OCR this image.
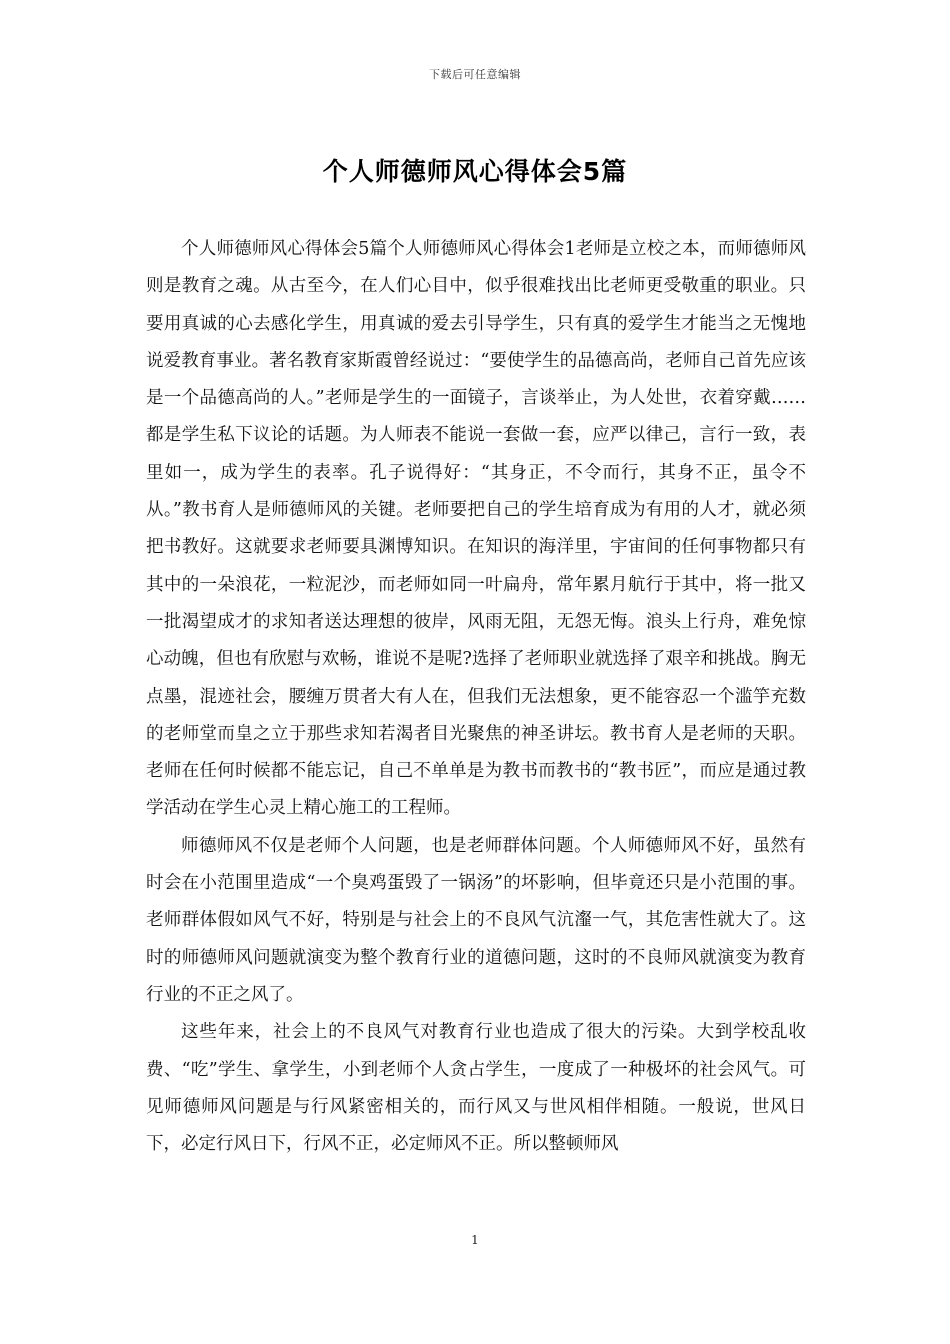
下载后可任意编辑
个人师德师风心得体会5篇

个人师德师风心得体会5篇个人师德师风心得体会1老师是立校之本，而师德师风则是教育之魂。从古至今，在人们心目中，似乎很难找出比老师更受敬重的职业。只要用真诚的心去感化学生，用真诚的爱去引导学生，只有真的爱学生才能当之无愧地说爱教育事业。著名教育家斯霞曾经说过：“要使学生的品德高尚，老师自己首先应该是一个品德高尚的人。”老师是学生的一面镜子，言谈举止，为人处世，衣着穿戴……都是学生私下议论的话题。为人师表不能说一套做一套，应严以律己，言行一致，表里如一，成为学生的表率。孔子说得好：“其身正，不令而行，其身不正，虽令不从。”教书育人是师德师风的关键。老师要把自己的学生培育成为有用的人才，就必须把书教好。这就要求老师要具渊博知识。在知识的海洋里，宇宙间的任何事物都只有其中的一朵浪花，一粒泥沙，而老师如同一叶扁舟，常年累月航行于其中，将一批又一批渴望成才的求知者送达理想的彼岸，风雨无阻，无怨无悔。浪头上行舟，难免惊心动魄，但也有欣慰与欢畅，谁说不是呢?选择了老师职业就选择了艰辛和挑战。胸无点墨，混迹社会，腰缠万贯者大有人在，但我们无法想象，更不能容忍一个滥竽充数的老师堂而皇之立于那些求知若渴者目光聚焦的神圣讲坛。教书育人是老师的天职。老师在任何时候都不能忘记，自己不单单是为教书而教书的“教书匠”，而应是通过教学活动在学生心灵上精心施工的工程师。

师德师风不仅是老师个人问题，也是老师群体问题。个人师德师风不好，虽然有时会在小范围里造成“一个臭鸡蛋毁了一锅汤”的坏影响，但毕竟还只是小范围的事。老师群体假如风气不好，特别是与社会上的不良风气沆瀣一气，其危害性就大了。这时的师德师风问题就演变为整个教育行业的道德问题，这时的不良师风就演变为教育行业的不正之风了。

这些年来，社会上的不良风气对教育行业也造成了很大的污染。大到学校乱收费、“吃”学生、拿学生，小到老师个人贪占学生，一度成了一种极坏的社会风气。可见师德师风问题是与行风紧密相关的，而行风又与世风相伴相随。一般说，世风日下，必定行风日下，行风不正，必定师风不正。所以整顿师风

1
